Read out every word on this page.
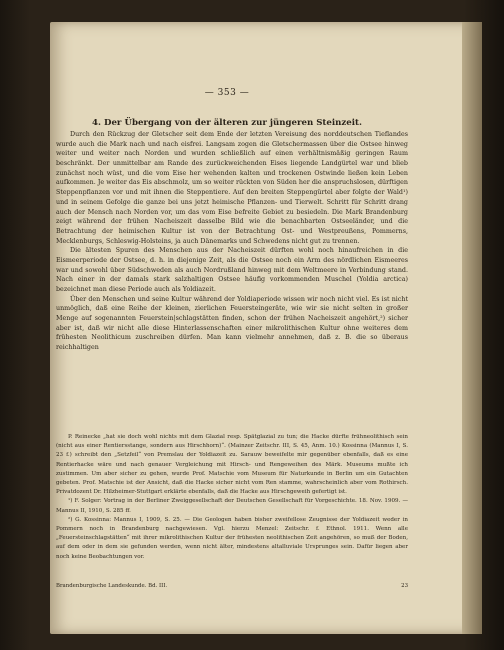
— 353 —
4. Der Übergang von der älteren zur jüngeren Steinzeit.

Durch den Rückzug der Gletscher seit dem Ende der letzten Vereisung des norddeutschen Tieflandes wurde auch die Mark nach und nach eisfrei. Langsam zogen die Gletschermassen über die Ostsee hinweg weiter und weiter nach Norden und wurden schließlich auf einen verhältnismäßig geringen Raum beschränkt. Der unmittelbar am Rande des zurückweichenden Eises liegende Landgürtel war und blieb zunächst noch wüst, und die vom Eise her wehenden kalten und trockenen Ostwinde ließen kein Leben aufkommen. Je weiter das Eis abschmolz, um so weiter rückten von Süden her die anspruchslosen, dürftigen Steppenpflanzen vor und mit ihnen die Steppentiere. Auf den breiten Steppengürtel aber folgte der Wald¹) und in seinem Gefolge die ganze bei uns jetzt heimische Pflanzen- und Tierwelt. Schritt für Schritt drang auch der Mensch nach Norden vor, um das vom Eise befreite Gebiet zu besiedeln. Die Mark Brandenburg zeigt während der frühen Nacheiszeit dasselbe Bild wie die benachbarten Ostseeländer, und die Betrachtung der heimischen Kultur ist von der Betrachtung Ost- und Westpreußens, Pommerns, Mecklenburgs, Schleswig-Holsteins, ja auch Dänemarks und Schwedens nicht gut zu trennen.

Die ältesten Spuren des Menschen aus der Nacheiszeit dürften wohl noch hinaufreichen in die Eismeerperiode der Ostsee, d. h. in diejenige Zeit, als die Ostsee noch ein Arm des nördlichen Eismeeres war und sowohl über Südschweden als auch Nordrußland hinweg mit dem Weltmeere in Verbindung stand. Nach einer in der damals stark salzhaltigen Ostsee häufig vorkommenden Muschel (Yoldia arctica) bezeichnet man diese Periode auch als Yoldiazeit.

Über den Menschen und seine Kultur während der Yoldiaperiode wissen wir noch nicht viel. Es ist nicht unmöglich, daß eine Reihe der kleinen, zierlichen Feuersteingeräte, wie wir sie nicht selten in großer Menge auf sogenannten Feuerstein|schlagstätten finden, schon der frühen Nacheiszeit angehört,²) sicher aber ist, daß wir nicht alle diese Hinterlassenschaften einer mikrolithischen Kultur ohne weiteres dem frühesten Neolithicum zuschreiben dürfen. Man kann vielmehr annehmen, daß z. B. die so überaus reichhaltigen

P. Reinecke „hat sie doch wohl nichts mit dem Glazial resp. Spätglazial zu tun; die Hacke dürfte frühneolithisch sein (nicht aus einer Rentiersstange, sondern aus Hirschhorn)“. (Mainzer Zeitschr. III, S. 45, Anm. 10.) Kossinna (Mannus I, S. 23 f.) schreibt den „Setzfeil“ von Premslau der Yoldiazeit zu. Sarauw beweifelte mir gegenüber ebenfalls, daß es eine Rentierhacke wäre und nach genauer Vergleichung mit Hirsch- und Rengeweihen des Märk. Museums mußte ich zustimmen. Um aber sicher zu gehen, wurde Prof. Matschie vom Museum für Naturkunde in Berlin um ein Gutachten gebeten. Prof. Matschie ist der Ansicht, daß die Hacke sicher nicht vom Ren stamme, wahrscheinlich aber vom Rothirsch. Privatdozent Dr. Hilzheimer-Stuttgart erklärte ebenfalls, daß die Hacke aus Hirschgeweih gefertigt ist.

¹) F. Solger: Vortrag in der Berliner Zweiggesellschaft der Deutschen Gesellschaft für Vorgeschichte. 18. Nov. 1909. — Mannus II, 1910, S. 285 ff.

²) G. Kossinna: Mannus I, 1909, S. 25. — Die Geologen haben bisher zweifellose Zeugnisse der Yoldiazeit weder in Pommern noch in Brandenburg nachgewiesen. Vgl. hierzu Menzel: Zeitschr. f. Ethnol. 1911. Wenn alle „Feuersteinschlagstätten“ mit ihrer mikrolithischen Kultur der frühesten neolithischen Zeit angehören, so muß der Boden, auf dem oder in dem sie gefunden werden, wenn nicht älter, mindestens altalluviale Ursprunges sein. Dafür liegen aber noch keine Beobachtungen vor.

Brandenburgische Landeskunde. Bd. III.	23
